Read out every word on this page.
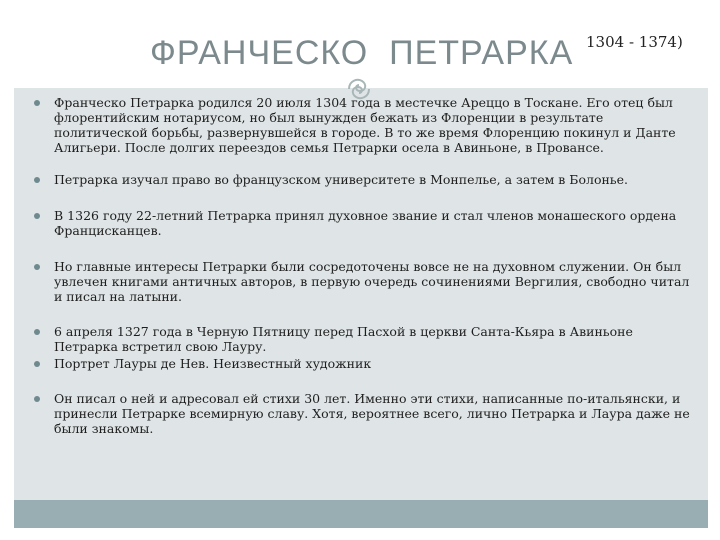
ФРАНЧЕСКО  ПЕТРАРКА 1304 - 1374)
Франческо Петрарка родился 20 июля 1304 года в местечке Ареццо в Тоскане. Его отец был флорентийским нотариусом, но был вынужден бежать из Флоренции в результате политической борьбы, развернувшейся в городе. В то же время Флоренцию покинул и Данте Алигьери. После долгих переездов семья Петрарки осела в Авиньоне, в Провансе.
Петрарка изучал право во французском университете в Монпелье, а затем в Болонье.
В 1326 году 22-летний Петрарка принял духовное звание и стал членов монашеского ордена Францисканцев.
Но главные интересы Петрарки были сосредоточены вовсе не на духовном служении. Он был увлечен книгами античных авторов, в первую очередь сочинениями Вергилия, свободно читал и писал на латыни.
6 апреля 1327 года в Черную Пятницу перед Пасхой в церкви Санта-Кьяра в Авиньоне Петрарка встретил свою Лауру.
Портрет Лауры де Нев. Неизвестный художник
Он писал о ней и адресовал ей стихи 30 лет. Именно эти стихи, написанные по-итальянски, и принесли Петрарке всемирную славу. Хотя, вероятнее всего, лично Петрарка и Лаура даже не были знакомы.
